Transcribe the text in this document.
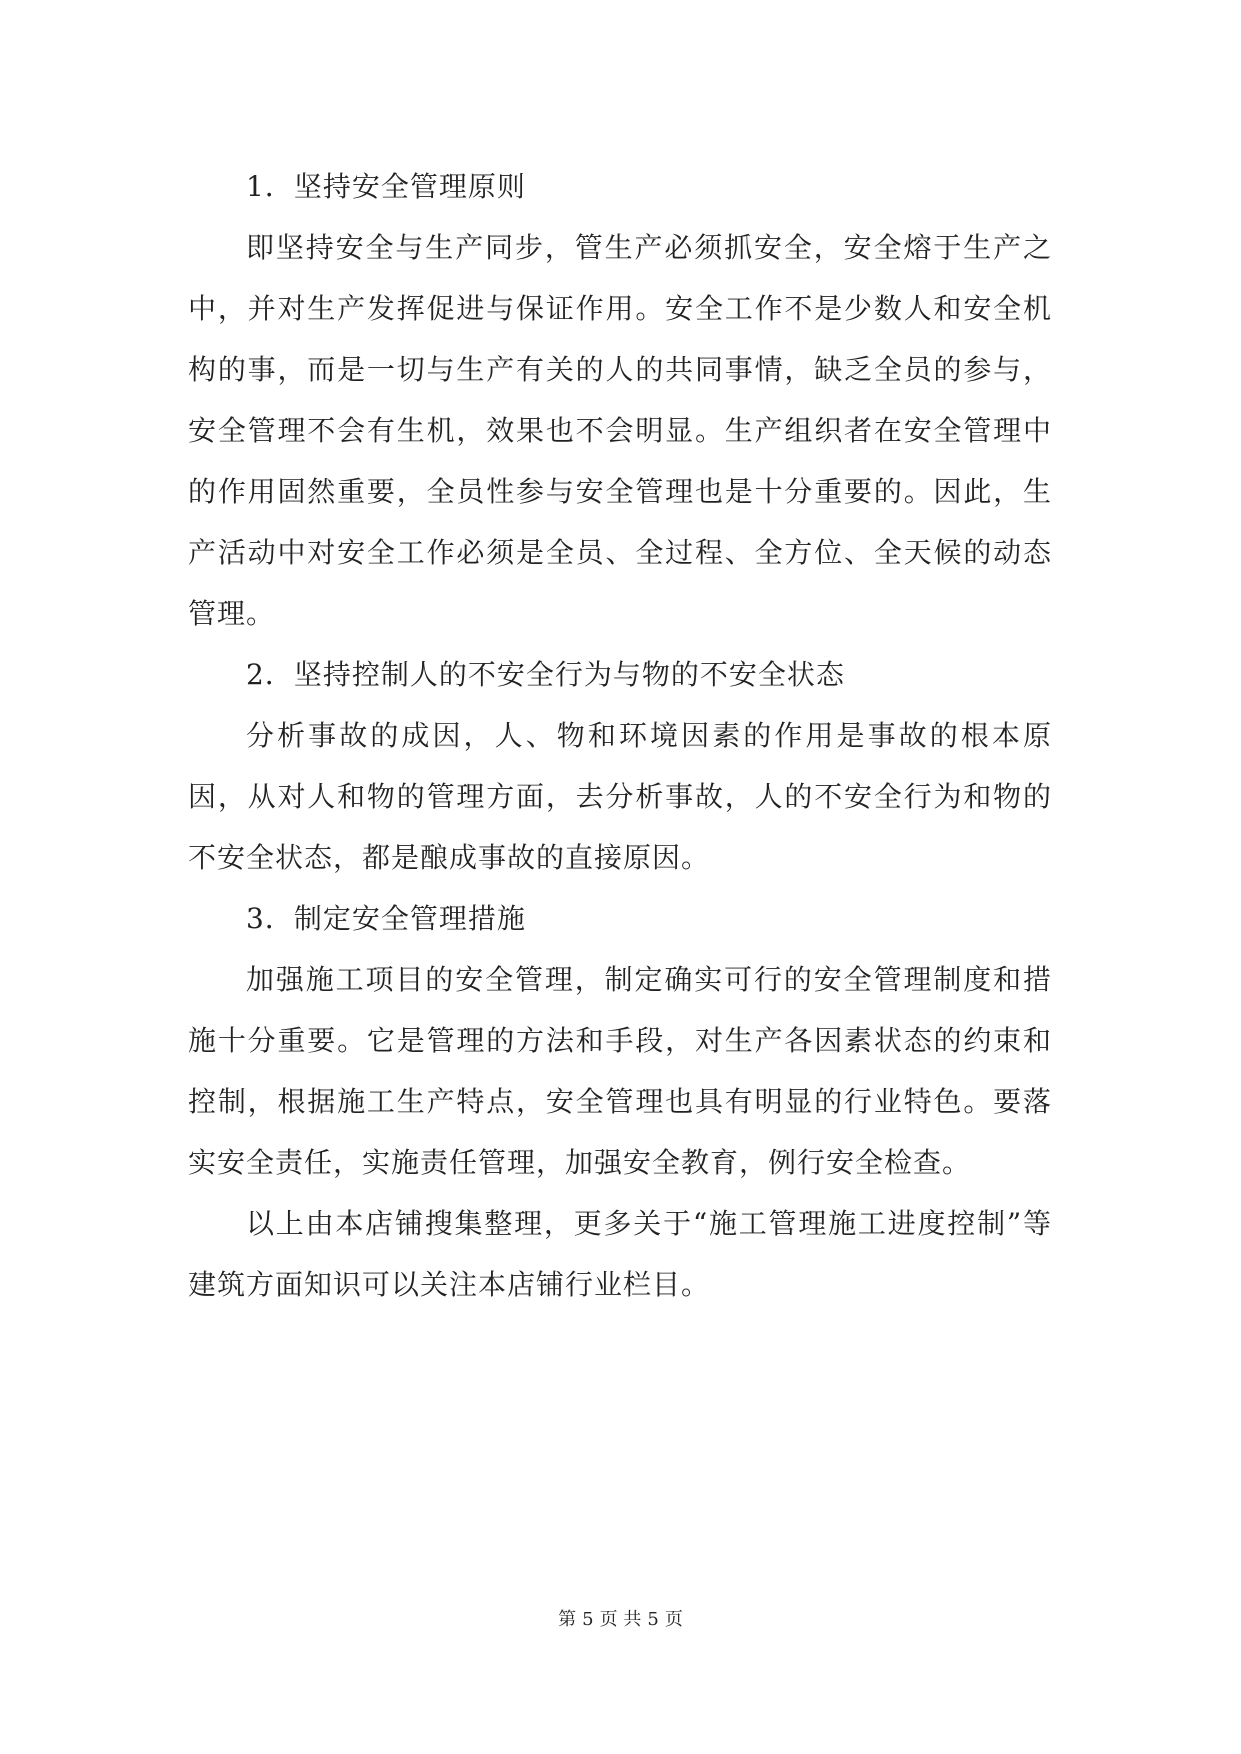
1．坚持安全管理原则

即坚持安全与生产同步，管生产必须抓安全，安全熔于生产之中，并对生产发挥促进与保证作用。安全工作不是少数人和安全机构的事，而是一切与生产有关的人的共同事情，缺乏全员的参与，安全管理不会有生机，效果也不会明显。生产组织者在安全管理中的作用固然重要，全员性参与安全管理也是十分重要的。因此，生产活动中对安全工作必须是全员、全过程、全方位、全天候的动态管理。

2．坚持控制人的不安全行为与物的不安全状态

分析事故的成因，人、物和环境因素的作用是事故的根本原因，从对人和物的管理方面，去分析事故，人的不安全行为和物的不安全状态，都是酿成事故的直接原因。

3．制定安全管理措施

加强施工项目的安全管理，制定确实可行的安全管理制度和措施十分重要。它是管理的方法和手段，对生产各因素状态的约束和控制，根据施工生产特点，安全管理也具有明显的行业特色。要落实安全责任，实施责任管理，加强安全教育，例行安全检查。

以上由本店铺搜集整理，更多关于“施工管理施工进度控制”等建筑方面知识可以关注本店铺行业栏目。

第 5 页 共 5 页
